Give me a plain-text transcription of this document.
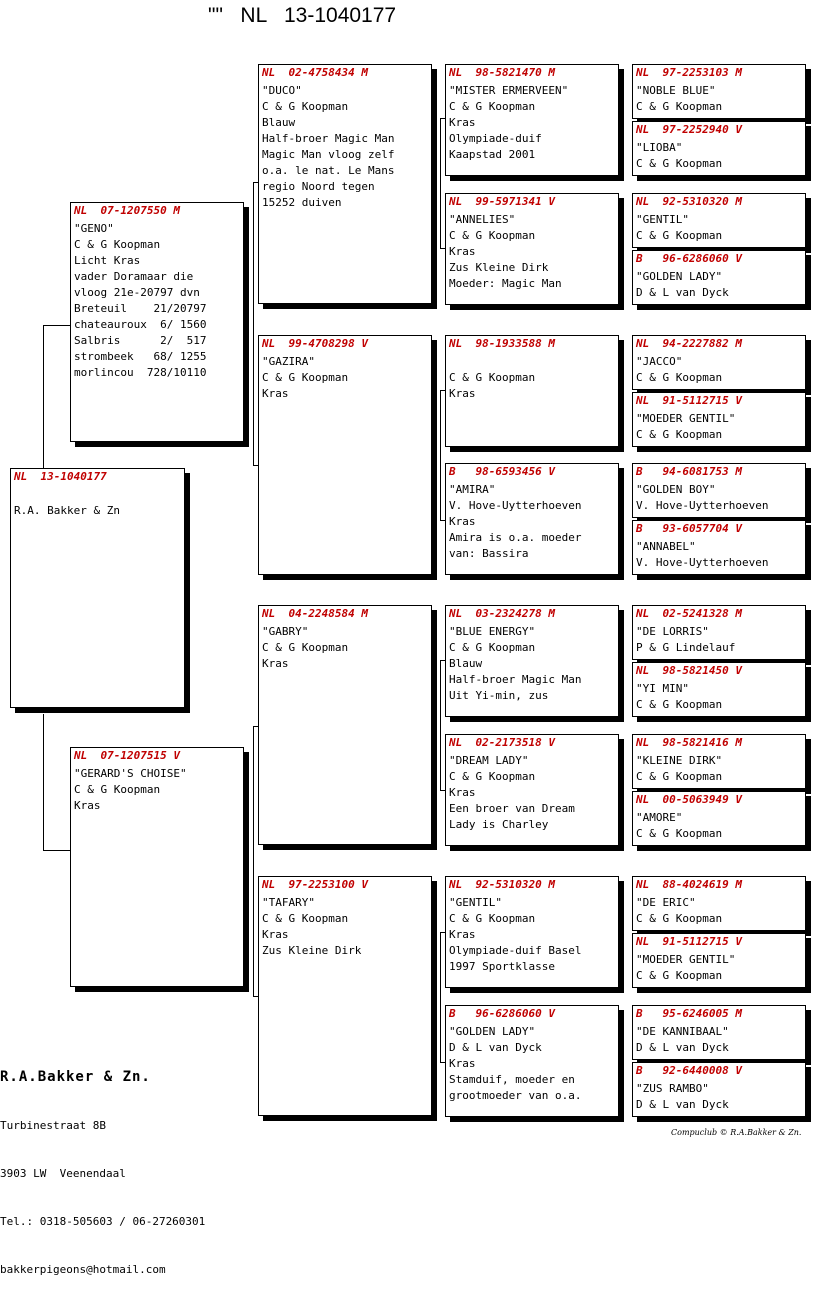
""   NL   13-1040177
NL  13-1040177

R.A. Bakker & Zn
NL  07-1207550 M
"GENO"
C & G Koopman
Licht Kras
vader Doramaar die
vloog 21e-20797 dvn
Breteuil    21/20797
chateauroux  6/ 1560
Salbris      2/  517
strombeek   68/ 1255
morlincou  728/10110
NL  07-1207515 V
"GERARD'S CHOISE"
C & G Koopman
Kras
NL  02-4758434 M
"DUCO"
C & G Koopman
Blauw
Half-broer Magic Man
Magic Man vloog zelf
o.a. le nat. Le Mans
regio Noord tegen
15252 duiven
NL  99-4708298 V
"GAZIRA"
C & G Koopman
Kras
NL  04-2248584 M
"GABRY"
C & G Koopman
Kras
NL  97-2253100 V
"TAFARY"
C & G Koopman
Kras
Zus Kleine Dirk
NL  98-5821470 M
"MISTER ERMERVEEN"
C & G Koopman
Kras
Olympiade-duif
Kaapstad 2001
NL  99-5971341 V
"ANNELIES"
C & G Koopman
Kras
Zus Kleine Dirk
Moeder: Magic Man
NL  98-1933588 M

C & G Koopman
Kras
B   98-6593456 V
"AMIRA"
V. Hove-Uytterhoeven
Kras
Amira is o.a. moeder
van: Bassira
NL  03-2324278 M
"BLUE ENERGY"
C & G Koopman
Blauw
Half-broer Magic Man
Uit Yi-min, zus
NL  02-2173518 V
"DREAM LADY"
C & G Koopman
Kras
Een broer van Dream
Lady is Charley
NL  92-5310320 M
"GENTIL"
C & G Koopman
Kras
Olympiade-duif Basel
1997 Sportklasse
B   96-6286060 V
"GOLDEN LADY"
D & L van Dyck
Kras
Stamduif, moeder en
grootmoeder van o.a.
NL  97-2253103 M
"NOBLE BLUE"
C & G Koopman
NL  97-2252940 V
"LIOBA"
C & G Koopman
NL  92-5310320 M
"GENTIL"
C & G Koopman
B   96-6286060 V
"GOLDEN LADY"
D & L van Dyck
NL  94-2227882 M
"JACCO"
C & G Koopman
NL  91-5112715 V
"MOEDER GENTIL"
C & G Koopman
B   94-6081753 M
"GOLDEN BOY"
V. Hove-Uytterhoeven
B   93-6057704 V
"ANNABEL"
V. Hove-Uytterhoeven
NL  02-5241328 M
"DE LORRIS"
P & G Lindelauf
NL  98-5821450 V
"YI MIN"
C & G Koopman
NL  98-5821416 M
"KLEINE DIRK"
C & G Koopman
NL  00-5063949 V
"AMORE"
C & G Koopman
NL  88-4024619 M
"DE ERIC"
C & G Koopman
NL  91-5112715 V
"MOEDER GENTIL"
C & G Koopman
B   95-6246005 M
"DE KANNIBAAL"
D & L van Dyck
B   92-6440008 V
"ZUS RAMBO"
D & L van Dyck

R.A.Bakker & Zn.

Turbinestraat 8B

3903 LW  Veenendaal

Tel.: 0318-505603 / 06-27260301

bakkerpigeons@hotmail.com

Compuclub © R.A.Bakker & Zn.
